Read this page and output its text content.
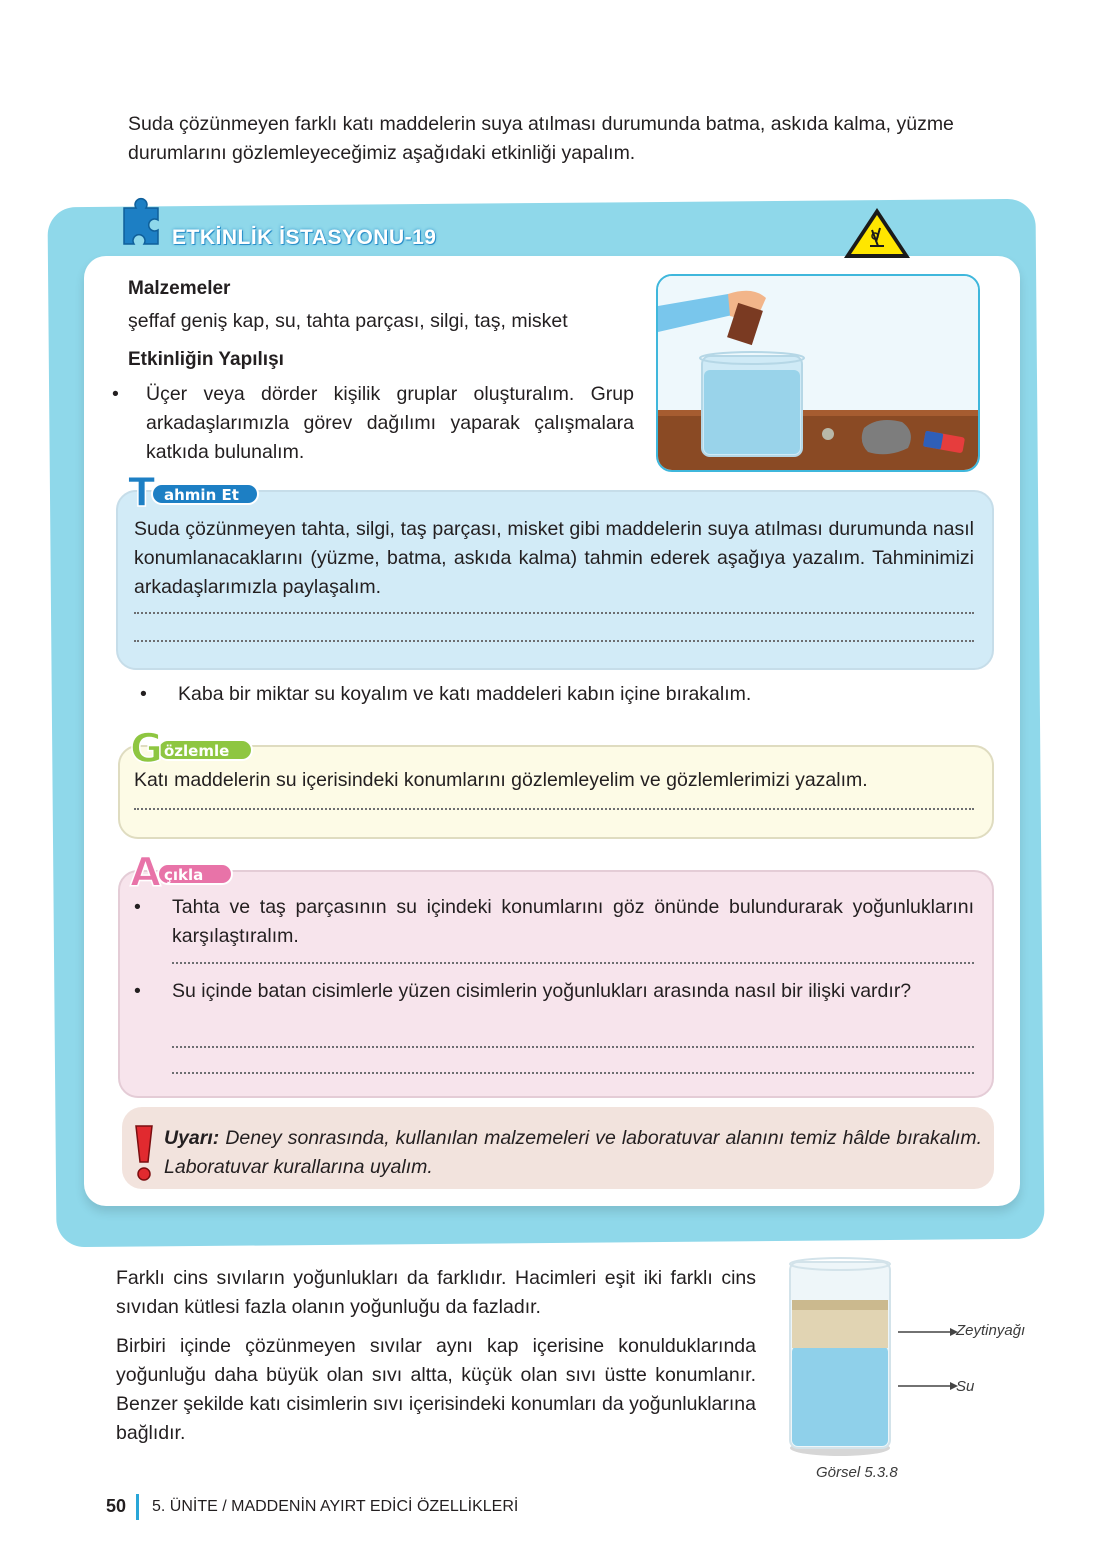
Suda çözünmeyen farklı katı maddelerin suya atılması durumunda batma, askıda kalma, yüzme durumlarını gözlemleyeceğimiz aşağıdaki etkinliği yapalım.

ETKİNLİK İSTASYONU-19
Malzemeler
şeffaf geniş kap, su, tahta parçası, silgi, taş, misket
Etkinliğin Yapılışı
• Üçer veya dörder kişilik gruplar oluşturalım. Grup arkadaşlarımızla görev dağılımı yaparak çalışmalara katkıda bulunalım.
T ahmin Et

Suda çözünmeyen tahta, silgi, taş parçası, misket gibi maddelerin suya atılması durumunda nasıl konumlanacaklarını (yüzme, batma, askıda kalma) tahmin ederek aşağıya yazalım. Tahminimizi arkadaşlarımızla paylaşalım.

• Kaba bir miktar su koyalım ve katı maddeleri kabın içine bırakalım.
G özlemle

Katı maddelerin su içerisindeki konumlarını gözlemleyelim ve gözlemlerimizi yazalım.

A çıkla
• Tahta ve taş parçasının su içindeki konumlarını göz önünde bulundurarak yoğunluklarını karşılaştıralım.
• Su içinde batan cisimlerle yüzen cisimlerin yoğunlukları arasında nasıl bir ilişki vardır?

Uyarı: Deney sonrasında, kullanılan malzemeleri ve laboratuvar alanını temiz hâlde bırakalım. Laboratuvar kurallarına uyalım.

Farklı cins sıvıların yoğunlukları da farklıdır. Hacimleri eşit iki farklı cins sıvıdan kütlesi fazla olanın yoğunluğu da fazladır.

Birbiri içinde çözünmeyen sıvılar aynı kap içerisine konulduklarında yoğunluğu daha büyük olan sıvı altta, küçük olan sıvı üstte konumlanır. Benzer şekilde katı cisimlerin sıvı içerisindeki konumları da yoğunluklarına bağlıdır.

Zeytinyağı
Su
Görsel 5.3.8
50 5. ÜNİTE / MADDENİN AYIRT EDİCİ ÖZELLİKLERİ
